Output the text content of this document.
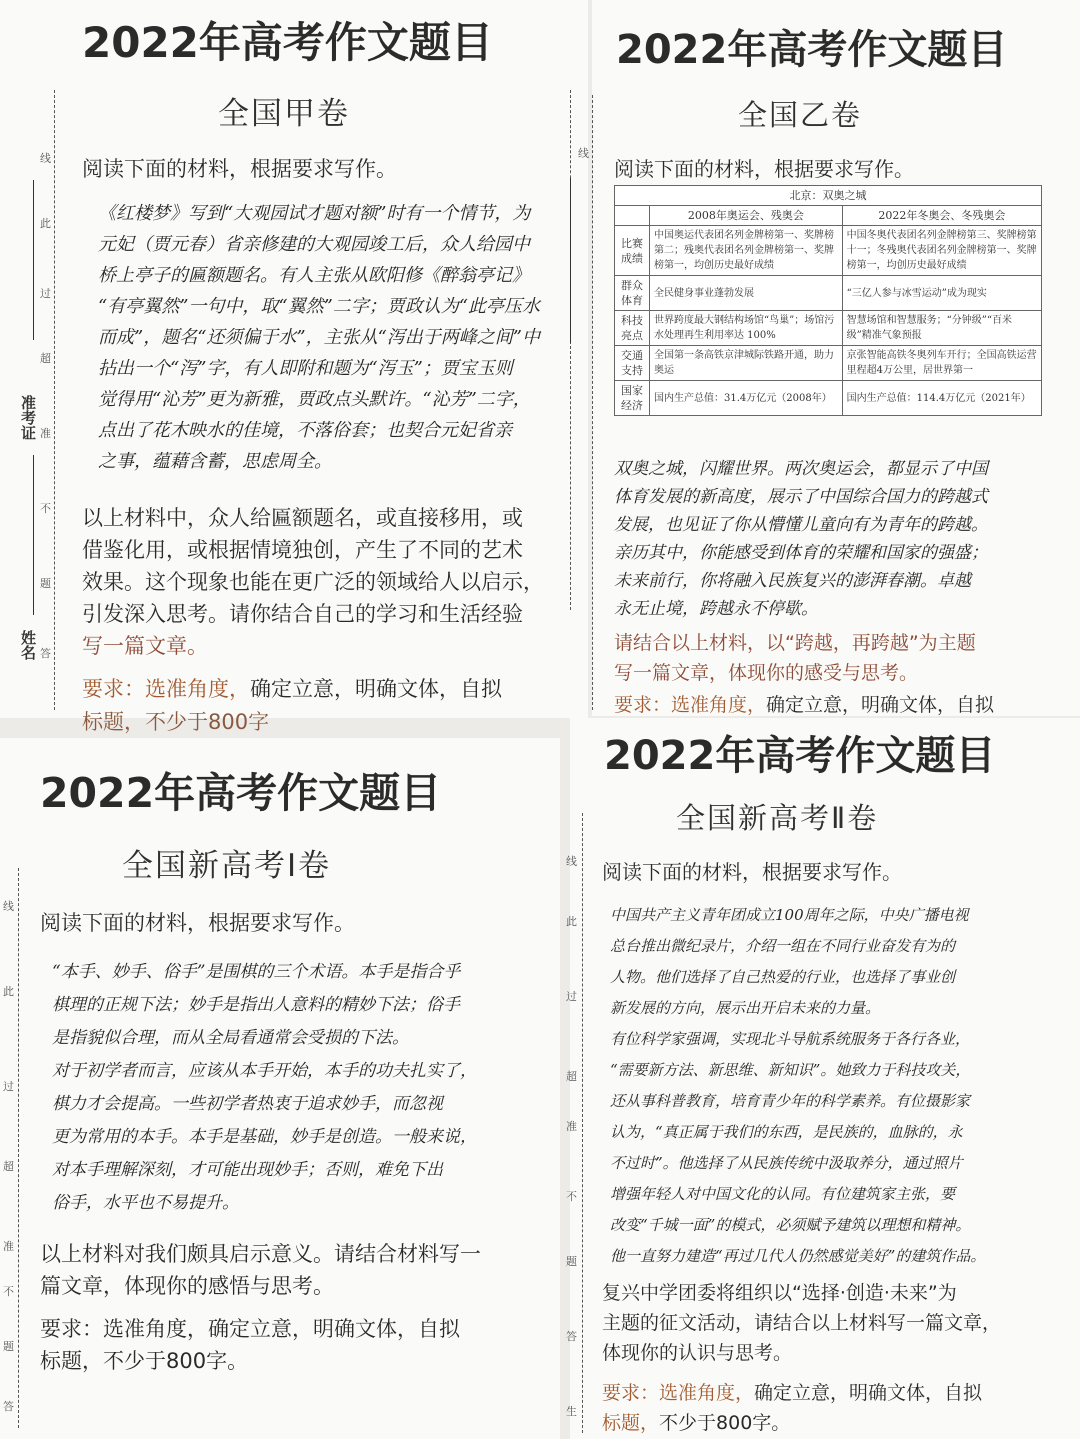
2022年高考作文题目
全国甲卷
准考证
姓名
线
此
过
超
准
不
题
答
阅读下面的材料，根据要求写作。
《红楼梦》写到“大观园试才题对额”时有一个情节，为
元妃（贾元春）省亲修建的大观园竣工后，众人给园中
桥上亭子的匾额题名。有人主张从欧阳修《醉翁亭记》
“有亭翼然”一句中，取“翼然”二字；贾政认为“此亭压水
而成”，题名“还须偏于水”，主张从“泻出于两峰之间”中
拈出一个“泻”字，有人即附和题为“泻玉”；贾宝玉则
觉得用“沁芳”更为新雅，贾政点头默许。“沁芳”二字，
点出了花木映水的佳境，不落俗套；也契合元妃省亲
之事，蕴藉含蓄，思虑周全。
以上材料中，众人给匾额题名，或直接移用，或
借鉴化用，或根据情境独创，产生了不同的艺术
效果。这个现象也能在更广泛的领域给人以启示，
引发深入思考。请你结合自己的学习和生活经验
写一篇文章。
要求：选准角度，确定立意，明确文体，自拟
标题，不少于800字
2022年高考作文题目
全国乙卷
线
阅读下面的材料，根据要求写作。
北京：双奥之城		
	2008年奥运会、残奥会	2022年冬奥会、冬残奥会
比赛成绩	中国奥运代表团名列金牌榜第一、奖牌榜第二；残奥代表团名列金牌榜第一、奖牌榜第一，均创历史最好成绩	中国冬奥代表团名列金牌榜第三、奖牌榜第十一；冬残奥代表团名列金牌榜第一、奖牌榜第一，均创历史最好成绩
群众体育	全民健身事业蓬勃发展	“三亿人参与冰雪运动”成为现实
科技亮点	世界跨度最大钢结构场馆“鸟巢”；场馆污水处理再生利用率达 100%	智慧场馆和智慧服务；“分钟级”“百米级”精准气象预报
交通支持	全国第一条高铁京津城际铁路开通，助力奥运	京张智能高铁冬奥列车开行；全国高铁运营里程超4万公里，居世界第一
国家经济	国内生产总值：31.4万亿元（2008年）	国内生产总值：114.4万亿元（2021年）
双奥之城，闪耀世界。两次奥运会，都显示了中国
体育发展的新高度，展示了中国综合国力的跨越式
发展，也见证了你从懵懂儿童向有为青年的跨越。
亲历其中，你能感受到体育的荣耀和国家的强盛；
未来前行，你将融入民族复兴的澎湃春潮。卓越
永无止境，跨越永不停歇。
请结合以上材料，以“跨越，再跨越”为主题
写一篇文章，体现你的感受与思考。
要求：选准角度，确定立意，明确文体，自拟
2022年高考作文题目
全国新高考Ⅰ卷
线
此
过
超
准
不
题
答
阅读下面的材料，根据要求写作。
“本手、妙手、俗手”是围棋的三个术语。本手是指合乎
棋理的正规下法；妙手是指出人意料的精妙下法；俗手
是指貌似合理，而从全局看通常会受损的下法。
对于初学者而言，应该从本手开始，本手的功夫扎实了，
棋力才会提高。一些初学者热衷于追求妙手，而忽视
更为常用的本手。本手是基础，妙手是创造。一般来说，
对本手理解深刻，才可能出现妙手；否则，难免下出
俗手，水平也不易提升。
以上材料对我们颇具启示意义。请结合材料写一
篇文章，体现你的感悟与思考。
要求：选准角度，确定立意，明确文体，自拟
标题，不少于800字。
2022年高考作文题目
全国新高考Ⅱ卷
线
此
过
超
准
不
题
答
生
阅读下面的材料，根据要求写作。
中国共产主义青年团成立100周年之际，中央广播电视
总台推出微纪录片，介绍一组在不同行业奋发有为的
人物。他们选择了自己热爱的行业，也选择了事业创
新发展的方向，展示出开启未来的力量。
有位科学家强调，实现北斗导航系统服务于各行各业，
“需要新方法、新思维、新知识”。她致力于科技攻关，
还从事科普教育，培育青少年的科学素养。有位摄影家
认为，“真正属于我们的东西，是民族的，血脉的，永
不过时”。他选择了从民族传统中汲取养分，通过照片
增强年轻人对中国文化的认同。有位建筑家主张，要
改变“千城一面”的模式，必须赋予建筑以理想和精神。
他一直努力建造“再过几代人仍然感觉美好”的建筑作品。
复兴中学团委将组织以“选择·创造·未来”为
主题的征文活动，请结合以上材料写一篇文章，
体现你的认识与思考。
要求：选准角度，确定立意，明确文体，自拟
标题，不少于800字。
